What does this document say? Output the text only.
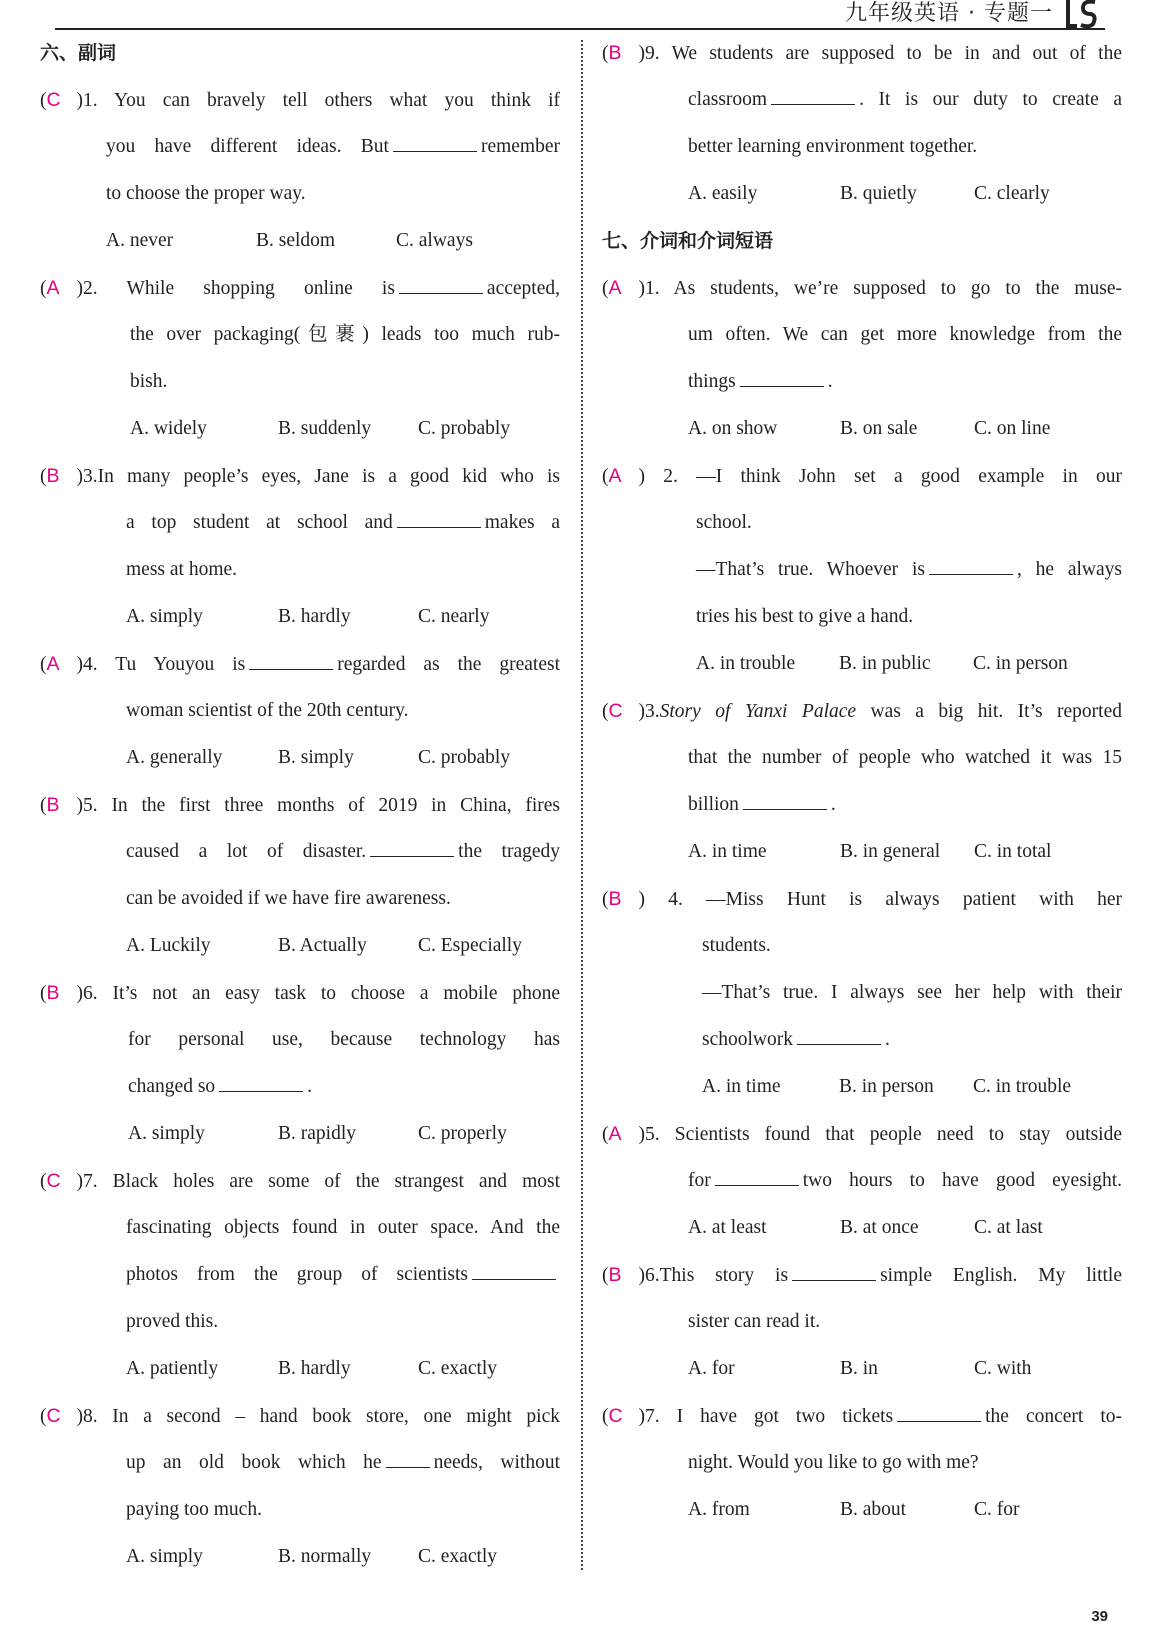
九年级英语 · 专题一
六、副词
(C )1. You can bravely tell others what you think if
you have different ideas. But	remember
to choose the proper way.
A. never	B. seldom	C. always
(A )2. While shopping online is	accepted,
the over packaging(包裹) leads too much rub-
bish.
A. widely	B. suddenly	C. probably
(B )3.In many people’s eyes, Jane is a good kid who is
a top student at school and	makes a
mess at home.
A. simply	B. hardly	C. nearly
(A )4. Tu Youyou is	regarded as the greatest
woman scientist of the 20th century.
A. generally	B. simply	C. probably
(B )5. In the first three months of 2019 in China, fires
caused a lot of disaster.	the tragedy
can be avoided if we have fire awareness.
A. Luckily	B. Actually	C. Especially
(B )6. It’s not an easy task to choose a mobile phone
for personal use, because technology has
changed so	.
A. simply	B. rapidly	C. properly
(C )7. Black holes are some of the strangest and most
fascinating objects found in outer space. And the
photos from the group of scientists
proved this.
A. patiently	B. hardly	C. exactly
(C )8. In a second – hand book store, one might pick
up an old book which he	needs, without
paying too much.
A. simply	B. normally	C. exactly
(B )9. We students are supposed to be in and out of the
classroom	. It is our duty to create a
better learning environment together.
A. easily	B. quietly	C. clearly
七、介词和介词短语
(A )1. As students, we’re supposed to go to the muse-
um often. We can get more knowledge from the
things	.
A. on show	B. on sale	C. on line
(A ) 2. —I think John set a good example in our
school.
—That’s true. Whoever is	, he always
tries his best to give a hand.
A. in trouble	B. in public	C. in person
(C )3.Story of Yanxi Palace was a big hit. It’s reported
that the number of people who watched it was 15
billion	.
A. in time	B. in general	C. in total
(B ) 4. —Miss Hunt is always patient with her
students.
—That’s true. I always see her help with their
schoolwork	.
A. in time	B. in person	C. in trouble
(A )5. Scientists found that people need to stay outside
for	two hours to have good eyesight.
A. at least	B. at once	C. at last
(B )6.This story is	simple English. My little
sister can read it.
A. for	B. in	C. with
(C )7. I have got two tickets	the concert to-
night. Would you like to go with me?
A. from	B. about	C. for
39
